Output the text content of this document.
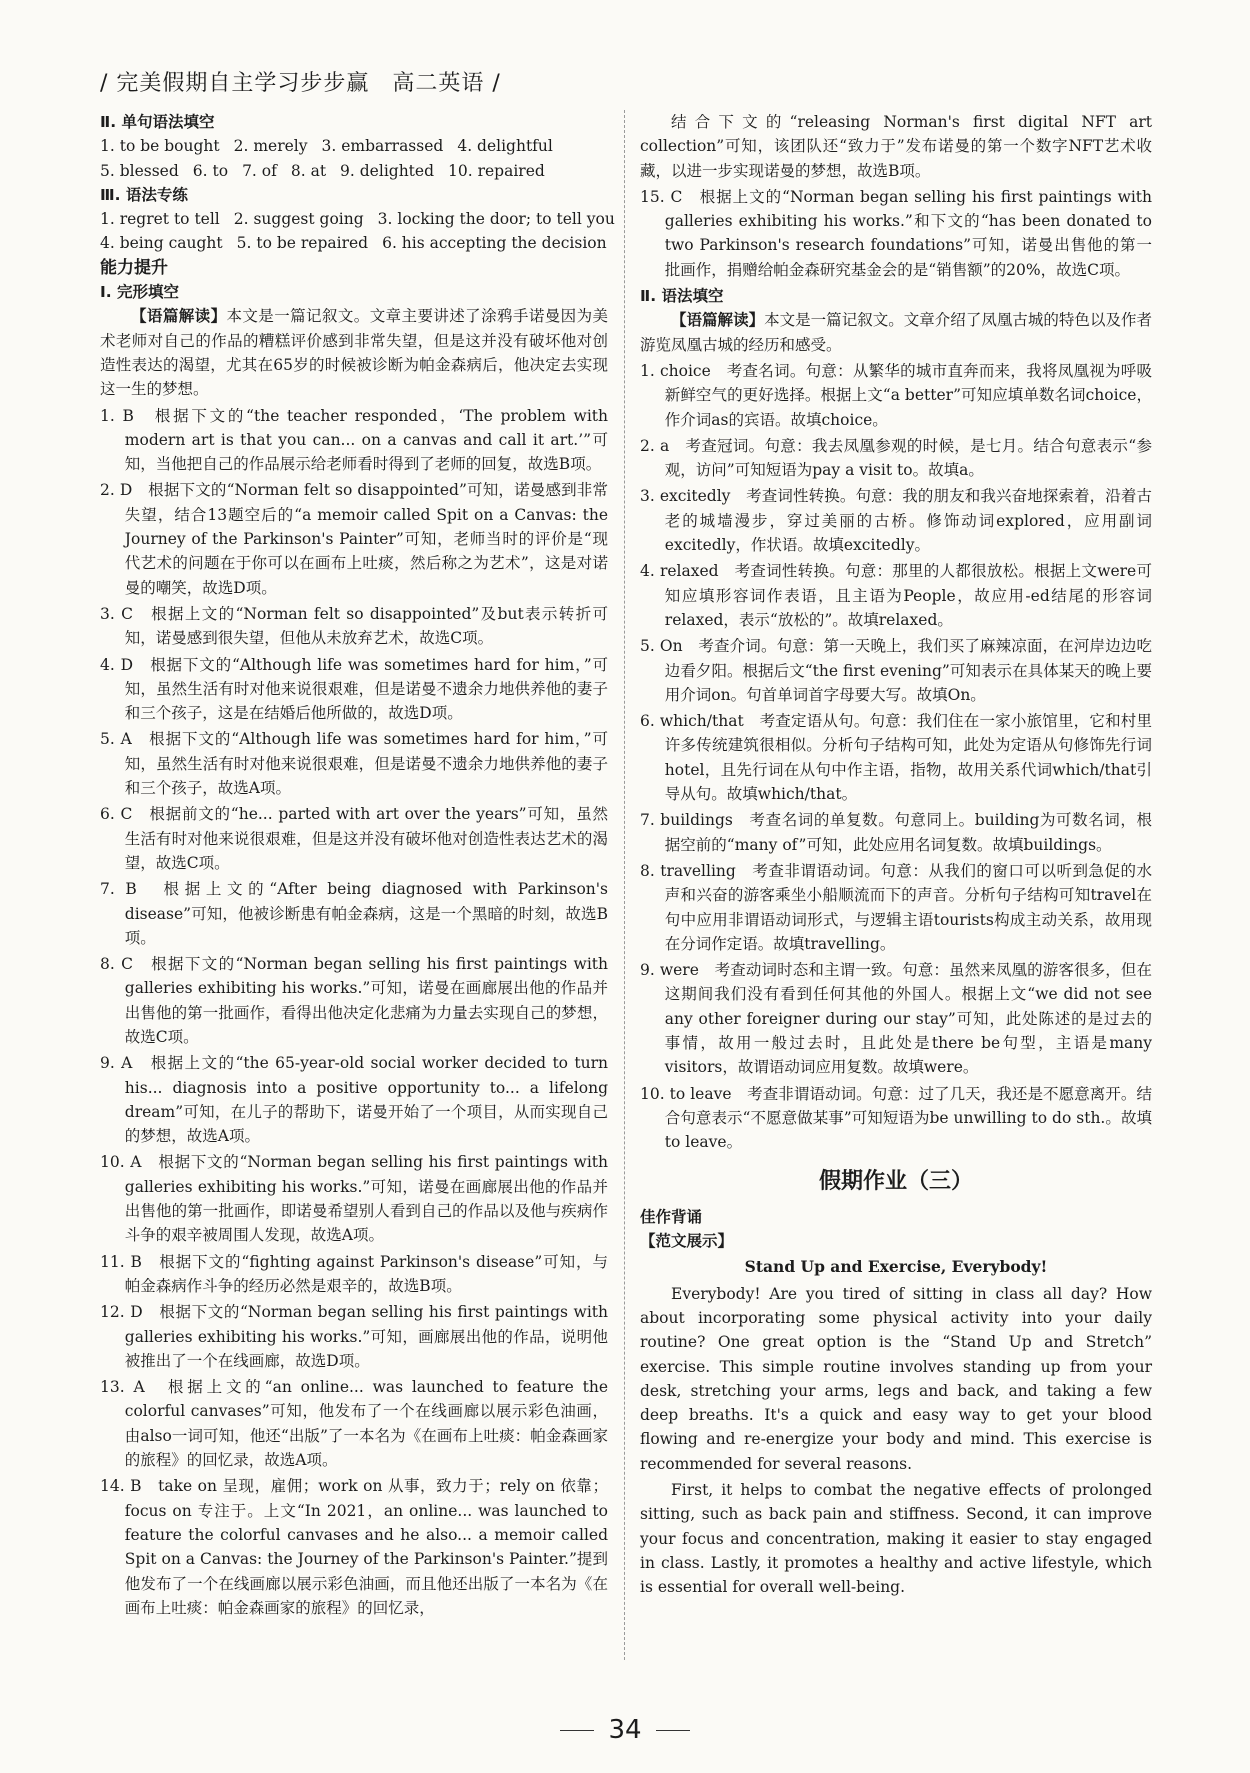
/ 完美假期自主学习步步赢　高二英语 /

Ⅱ. 单句语法填空

1. to be bought 2. merely 3. embarrassed 4. delightful
5. blessed 6. to 7. of 8. at 9. delighted 10. repaired

Ⅲ. 语法专练

1. regret to tell 2. suggest going 3. locking the door; to tell you
4. being caught 5. to be repaired 6. his accepting the decision

能力提升

Ⅰ. 完形填空

【语篇解读】本文是一篇记叙文。文章主要讲述了涂鸦手诺曼因为美术老师对自己的作品的糟糕评价感到非常失望，但是这并没有破坏他对创造性表达的渴望，尤其在65岁的时候被诊断为帕金森病后，他决定去实现这一生的梦想。

1. B　根据下文的“the teacher responded，‘The problem with modern art is that you can... on a canvas and call it art.’”可知，当他把自己的作品展示给老师看时得到了老师的回复，故选B项。

2. D　根据下文的“Norman felt so disappointed”可知，诺曼感到非常失望，结合13题空后的“a memoir called Spit on a Canvas: the Journey of the Parkinson's Painter”可知，老师当时的评价是“现代艺术的问题在于你可以在画布上吐痰，然后称之为艺术”，这是对诺曼的嘲笑，故选D项。

3. C　根据上文的“Norman felt so disappointed”及but表示转折可知，诺曼感到很失望，但他从未放弃艺术，故选C项。

4. D　根据下文的“Although life was sometimes hard for him，”可知，虽然生活有时对他来说很艰难，但是诺曼不遗余力地供养他的妻子和三个孩子，这是在结婚后他所做的，故选D项。

5. A　根据下文的“Although life was sometimes hard for him，”可知，虽然生活有时对他来说很艰难，但是诺曼不遗余力地供养他的妻子和三个孩子，故选A项。

6. C　根据前文的“he... parted with art over the years”可知，虽然生活有时对他来说很艰难，但是这并没有破坏他对创造性表达艺术的渴望，故选C项。

7. B　根据上文的“After being diagnosed with Parkinson's disease”可知，他被诊断患有帕金森病，这是一个黑暗的时刻，故选B项。

8. C　根据下文的“Norman began selling his first paintings with galleries exhibiting his works.”可知，诺曼在画廊展出他的作品并出售他的第一批画作，看得出他决定化悲痛为力量去实现自己的梦想，故选C项。

9. A　根据上文的“the 65-year-old social worker decided to turn his... diagnosis into a positive opportunity to... a lifelong dream”可知，在儿子的帮助下，诺曼开始了一个项目，从而实现自己的梦想，故选A项。

10. A　根据下文的“Norman began selling his first paintings with galleries exhibiting his works.”可知，诺曼在画廊展出他的作品并出售他的第一批画作，即诺曼希望别人看到自己的作品以及他与疾病作斗争的艰辛被周围人发现，故选A项。

11. B　根据下文的“fighting against Parkinson's disease”可知，与帕金森病作斗争的经历必然是艰辛的，故选B项。

12. D　根据下文的“Norman began selling his first paintings with galleries exhibiting his works.”可知，画廊展出他的作品，说明他被推出了一个在线画廊，故选D项。

13. A　根据上文的“an online... was launched to feature the colorful canvases”可知，他发布了一个在线画廊以展示彩色油画，由also一词可知，他还“出版”了一本名为《在画布上吐痰：帕金森画家的旅程》的回忆录，故选A项。

14. B　take on 呈现，雇佣；work on 从事，致力于；rely on 依靠；focus on 专注于。上文“In 2021，an online... was launched to feature the colorful canvases and he also... a memoir called Spit on a Canvas: the Journey of the Parkinson's Painter.”提到他发布了一个在线画廊以展示彩色油画，而且他还出版了一本名为《在画布上吐痰：帕金森画家的旅程》的回忆录，

结合下文的“releasing Norman's first digital NFT art collection”可知，该团队还“致力于”发布诺曼的第一个数字NFT艺术收藏，以进一步实现诺曼的梦想，故选B项。

15. C　根据上文的“Norman began selling his first paintings with galleries exhibiting his works.”和下文的“has been donated to two Parkinson's research foundations”可知，诺曼出售他的第一批画作，捐赠给帕金森研究基金会的是“销售额”的20%，故选C项。

Ⅱ. 语法填空

【语篇解读】本文是一篇记叙文。文章介绍了凤凰古城的特色以及作者游览凤凰古城的经历和感受。

1. choice　考查名词。句意：从繁华的城市直奔而来，我将凤凰视为呼吸新鲜空气的更好选择。根据上文“a better”可知应填单数名词choice，作介词as的宾语。故填choice。

2. a　考查冠词。句意：我去凤凰参观的时候，是七月。结合句意表示“参观，访问”可知短语为pay a visit to。故填a。

3. excitedly　考查词性转换。句意：我的朋友和我兴奋地探索着，沿着古老的城墙漫步，穿过美丽的古桥。修饰动词explored，应用副词excitedly，作状语。故填excitedly。

4. relaxed　考查词性转换。句意：那里的人都很放松。根据上文were可知应填形容词作表语，且主语为People，故应用-ed结尾的形容词relaxed，表示“放松的”。故填relaxed。

5. On　考查介词。句意：第一天晚上，我们买了麻辣凉面，在河岸边边吃边看夕阳。根据后文“the first evening”可知表示在具体某天的晚上要用介词on。句首单词首字母要大写。故填On。

6. which/that　考查定语从句。句意：我们住在一家小旅馆里，它和村里许多传统建筑很相似。分析句子结构可知，此处为定语从句修饰先行词hotel，且先行词在从句中作主语，指物，故用关系代词which/that引导从句。故填which/that。

7. buildings　考查名词的单复数。句意同上。building为可数名词，根据空前的“many of”可知，此处应用名词复数。故填buildings。

8. travelling　考查非谓语动词。句意：从我们的窗口可以听到急促的水声和兴奋的游客乘坐小船顺流而下的声音。分析句子结构可知travel在句中应用非谓语动词形式，与逻辑主语tourists构成主动关系，故用现在分词作定语。故填travelling。

9. were　考查动词时态和主谓一致。句意：虽然来凤凰的游客很多，但在这期间我们没有看到任何其他的外国人。根据上文“we did not see any other foreigner during our stay”可知，此处陈述的是过去的事情，故用一般过去时，且此处是there be句型，主语是many visitors，故谓语动词应用复数。故填were。

10. to leave　考查非谓语动词。句意：过了几天，我还是不愿意离开。结合句意表示“不愿意做某事”可知短语为be unwilling to do sth.。故填to leave。

假期作业（三）

佳作背诵

【范文展示】

Stand Up and Exercise, Everybody!

Everybody! Are you tired of sitting in class all day? How about incorporating some physical activity into your daily routine? One great option is the “Stand Up and Stretch” exercise. This simple routine involves standing up from your desk, stretching your arms, legs and back, and taking a few deep breaths. It's a quick and easy way to get your blood flowing and re-energize your body and mind. This exercise is recommended for several reasons.

First, it helps to combat the negative effects of prolonged sitting, such as back pain and stiffness. Second, it can improve your focus and concentration, making it easier to stay engaged in class. Lastly, it promotes a healthy and active lifestyle, which is essential for overall well-being.

34
